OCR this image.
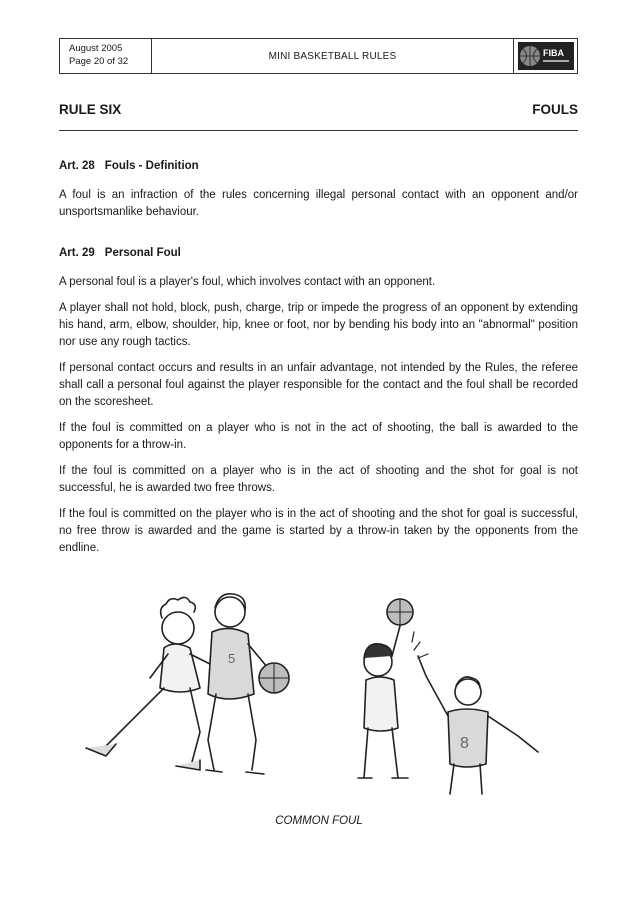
August 2005
Page 20 of 32	MINI BASKETBALL RULES	FIBA
RULE SIX	FOULS
Art. 28 Fouls - Definition

A foul is an infraction of the rules concerning illegal personal contact with an opponent and/or unsportsmanlike behaviour.

Art. 29 Personal Foul

A personal foul is a player's foul, which involves contact with an opponent.

A player shall not hold, block, push, charge, trip or impede the progress of an opponent by extending his hand, arm, elbow, shoulder, hip, knee or foot, nor by bending his body into an "abnormal" position nor use any rough tactics.

If personal contact occurs and results in an unfair advantage, not intended by the Rules, the referee shall call a personal foul against the player responsible for the contact and the foul shall be recorded on the scoresheet.

If the foul is committed on a player who is not in the act of shooting, the ball is awarded to the opponents for a throw-in.

If the foul is committed on a player who is in the act of shooting and the shot for goal is not successful, he is awarded two free throws.

If the foul is committed on the player who is in the act of shooting and the shot for goal is successful, no free throw is awarded and the game is started by a throw-in taken by the opponents from the endline.

5
8
COMMON FOUL
